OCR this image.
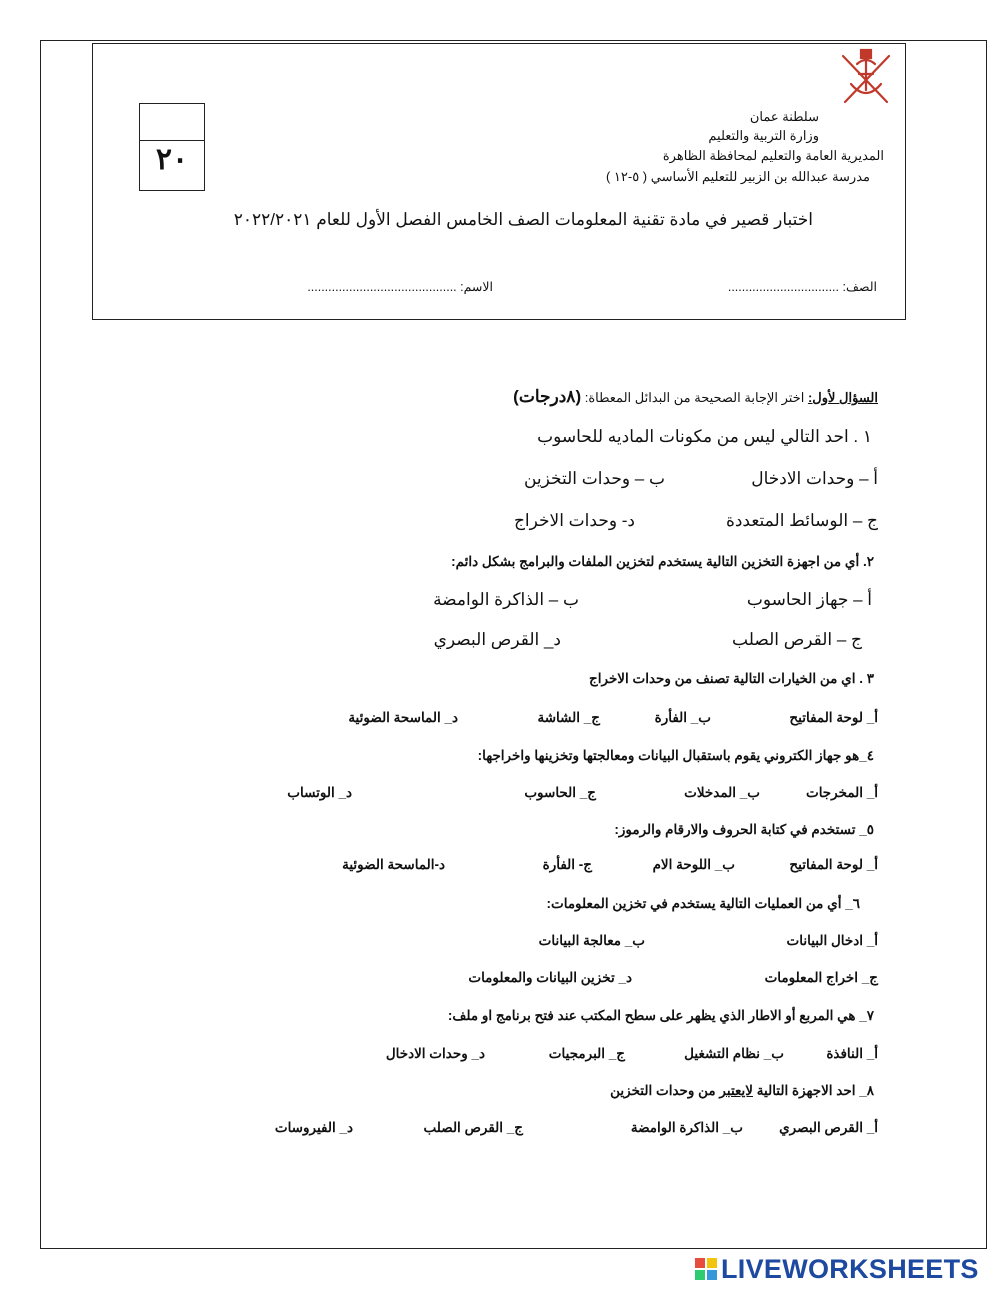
٢٠
سلطنة عمان
وزارة التربية والتعليم
المديرية العامة والتعليم لمحافظة الظاهرة
مدرسة عبدالله بن الزبير للتعليم الأساسي ( ٥-١٢ )
اختبار قصير في مادة تقنية المعلومات الصف الخامس الفصل الأول للعام ٢٠٢٢/٢٠٢١
الصف: ................................
الاسم: ...........................................
السؤال لأول: اختر الإجابة الصحيحة من البدائل المعطاة: (٨درجات)
١ . احد التالي ليس من مكونات الماديه للحاسوب
أ – وحدات الادخال
ب – وحدات التخزين
ج – الوسائط المتعددة
د- وحدات الاخراج
٢. أي من اجهزة التخزين التالية يستخدم لتخزين الملفات والبرامج بشكل دائم:
أ – جهاز الحاسوب
ب – الذاكرة الوامضة
ج – القرص الصلب
د_ القرص البصري
٣ . اي من الخيارات التالية تصنف من وحدات الاخراج
أ_ لوحة المفاتيح
ب_ الفأرة
ج_ الشاشة
د_ الماسحة الضوئية
٤_هو جهاز الكتروني يقوم باستقبال البيانات ومعالجتها وتخزينها واخراجها:
أ_ المخرجات
ب_ المدخلات
ج_ الحاسوب
د_ الوتساب
٥_ تستخدم في كتابة الحروف والارقام والرموز:
أ_ لوحة المفاتيح
ب_ اللوحة الام
ج- الفأرة
د-الماسحة الضوئية
٦_ أي من العمليات التالية يستخدم في تخزين المعلومات:
أ_ ادخال البيانات
ب_ معالجة البيانات
ج_ اخراج المعلومات
د_ تخزين البيانات والمعلومات
٧_ هي المربع أو الاطار الذي يظهر على سطح المكتب عند فتح برنامج او ملف:
أ_ النافذة
ب_ نظام التشغيل
ج_ البرمجيات
د_ وحدات الادخال
٨_ احد الاجهزة التالية لايعتبر من وحدات التخزين
أ_ القرص البصري
ب_ الذاكرة الوامضة
ج_ القرص الصلب
د_ الفيروسات
LIVEWORKSHEETS
